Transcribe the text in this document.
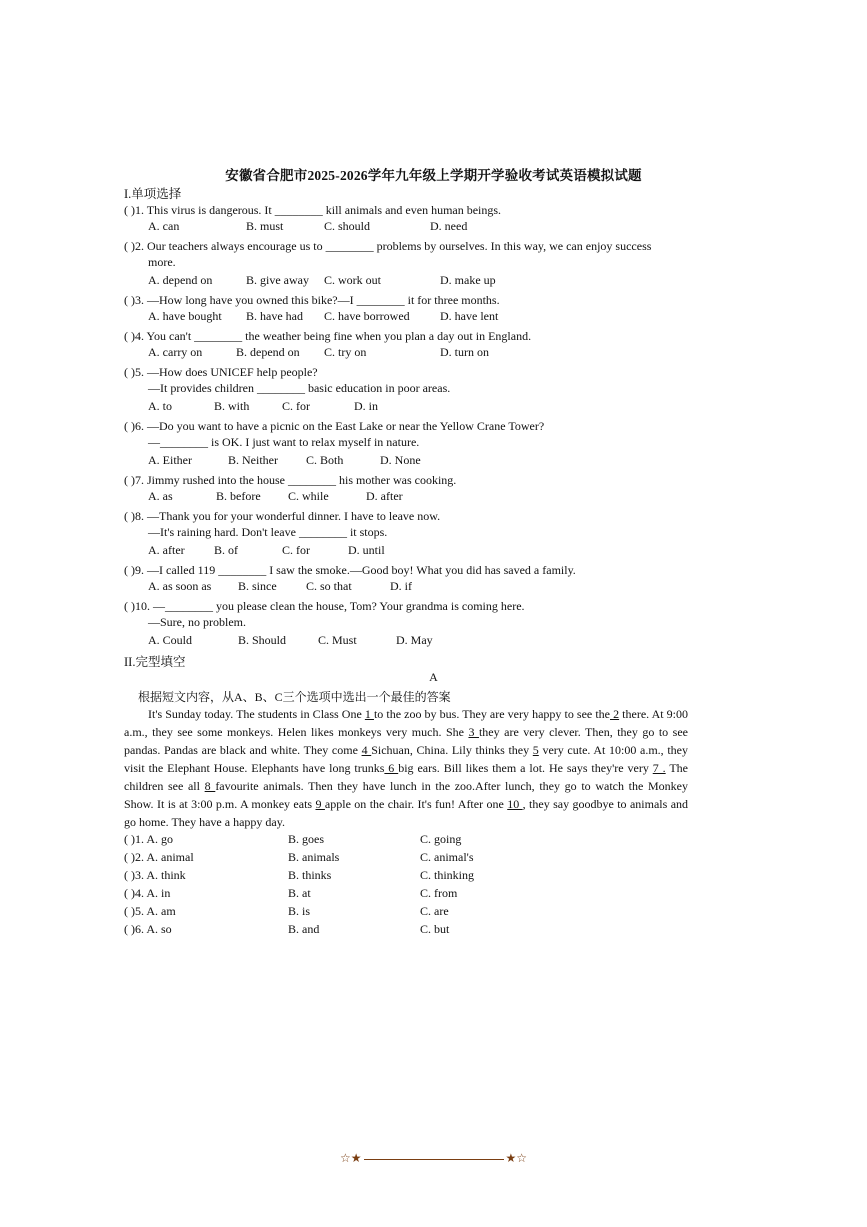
安徽省合肥市2025-2026学年九年级上学期开学验收考试英语模拟试题
I.单项选择
( )1. This virus is dangerous. It ________ kill animals and even human beings.
A. can	B. must	C. should	D. need
( )2. Our teachers always encourage us to ________ problems by ourselves. In this way, we can enjoy success
more.
A. depend on	B. give away C. work out	D. make up
( )3. —How long have you owned this bike?—I ________ it for three months.
A. have bought B. have had C. have borrowed	D. have lent
( )4. You can't ________ the weather being fine when you plan a day out in England.
A. carry on	B. depend on C. try on	D. turn on
( )5. —How does UNICEF help people?
—It provides children ________ basic education in poor areas.
A. to	B. with	C. for	D. in
( )6. —Do you want to have a picnic on the East Lake or near the Yellow Crane Tower?
—________ is OK. I just want to relax myself in nature.
A. Either	B. Neither C. Both	D. None
( )7. Jimmy rushed into the house ________ his mother was cooking.
A. as	B. before C. while	D. after
( )8. —Thank you for your wonderful dinner. I have to leave now.
—It's raining hard. Don't leave ________ it stops.
A. after B. of	C. for	D. until
( )9. —I called 119 ________ I saw the smoke.—Good boy! What you did has saved a family.
A. as soon as B. since C. so that	D. if
( )10. —________ you please clean the house, Tom? Your grandma is coming here.
—Sure, no problem.
A. Could	B. Should	C. Must	D. May
II.完型填空
A
根据短文内容，从A、B、C三个选项中选出一个最佳的答案

It's Sunday today. The students in Class One 1 to the zoo by bus. They are very happy to see the 2 there. At 9:00 a.m., they see some monkeys. Helen likes monkeys very much. She 3 they are very clever. Then, they go to see pandas. Pandas are black and white. They come 4 Sichuan, China. Lily thinks they 5 very cute. At 10:00 a.m., they visit the Elephant House. Elephants have long trunks 6 big ears. Bill likes them a lot. He says they're very 7 . The children see all 8 favourite animals. Then they have lunch in the zoo.After lunch, they go to watch the Monkey Show. It is at 3:00 p.m. A monkey eats 9 apple on the chair. It's fun! After one 10 , they say goodbye to animals and go home. They have a happy day.

( )1. A. go	B. goes	C. going
( )2. A. animal	B. animals	C. animal's
( )3. A. think	B. thinks	C. thinking
( )4. A. in	B. at	C. from
( )5. A. am	B. is	C. are
( )6. A. so	B. and	C. but
☆★	★☆
